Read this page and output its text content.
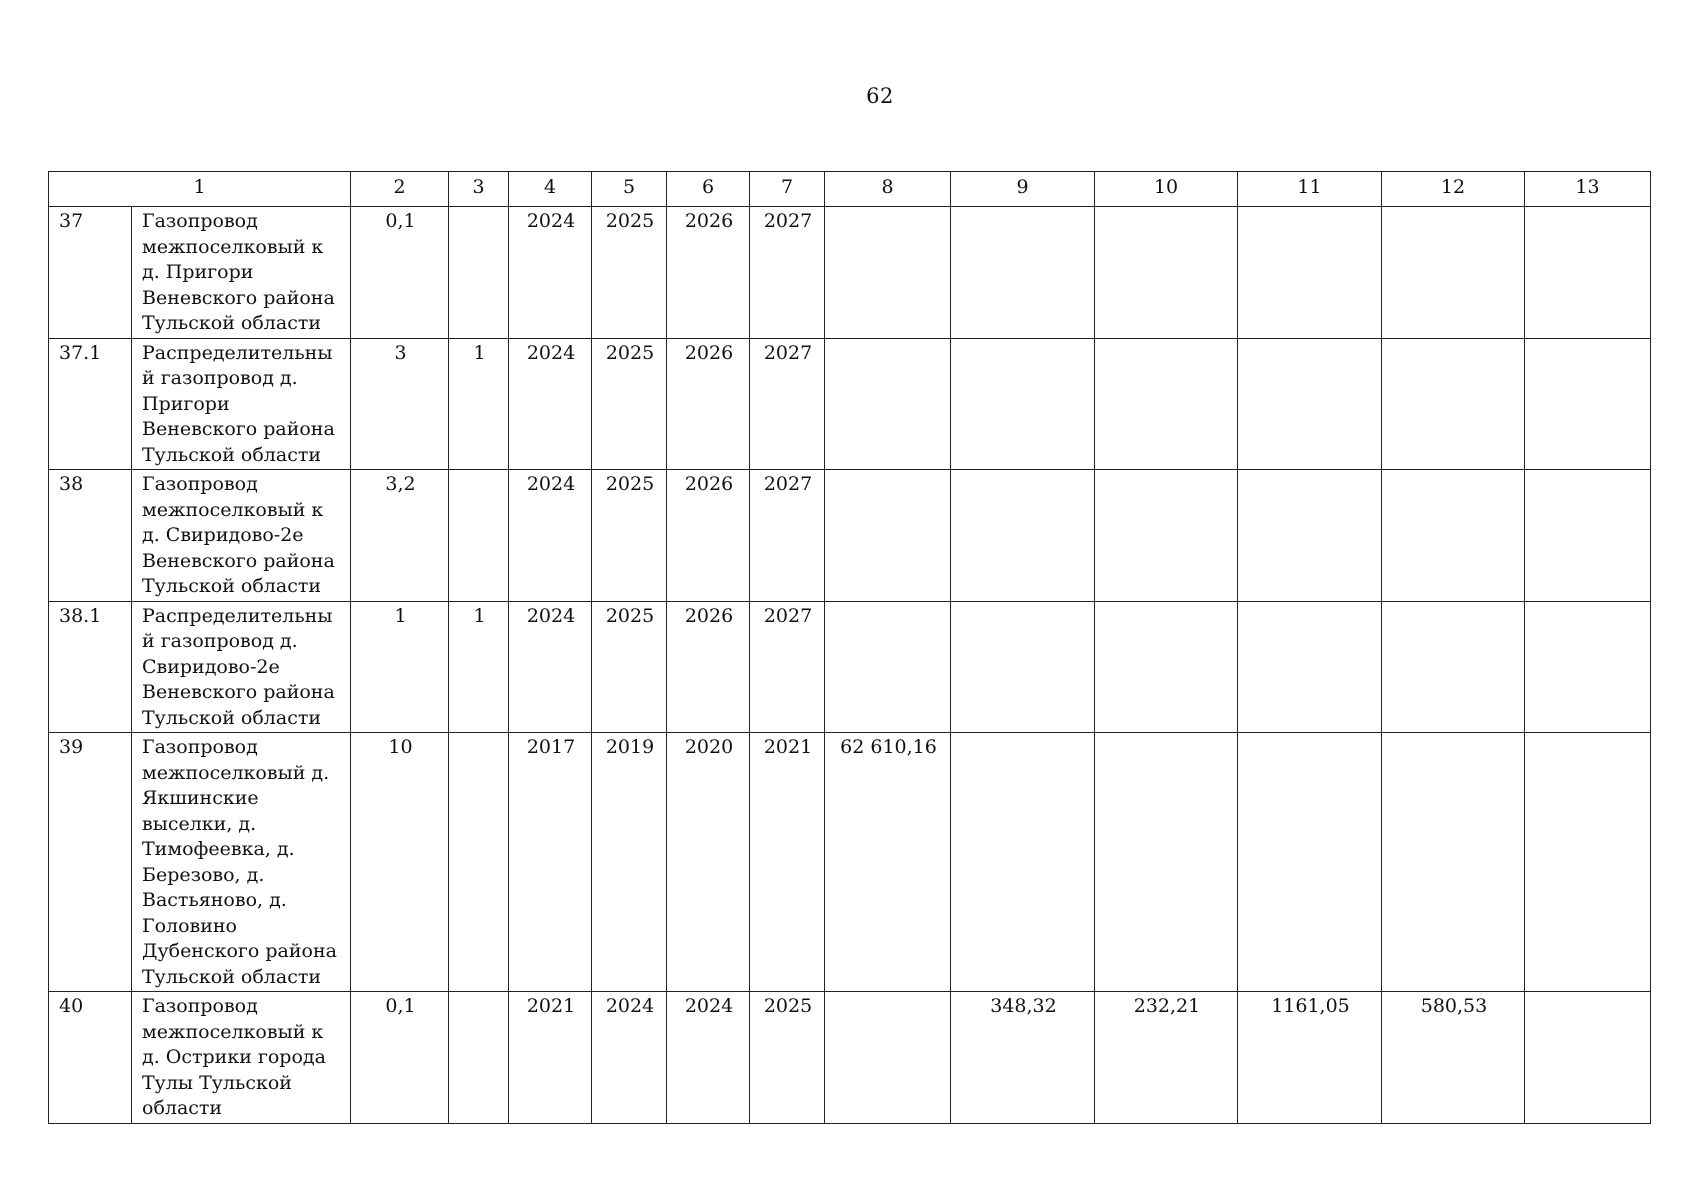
62
1		2	3	4	5	6	7	8	9	10	11	12	13
37	Газопровод межпоселковый к д. Пригори Веневского района Тульской области	0,1		2024	2025	2026	2027						
37.1	Распределительный газопровод д. Пригори Веневского района Тульской области	3	1	2024	2025	2026	2027						
38	Газопровод межпоселковый к д. Свиридово-2е Веневского района Тульской области	3,2		2024	2025	2026	2027						
38.1	Распределительный газопровод д. Свиридово-2е Веневского района Тульской области	1	1	2024	2025	2026	2027						
39	Газопровод межпоселковый д. Якшинские выселки, д. Тимофеевка, д. Березово, д. Вастьяново, д. Головино Дубенского района Тульской области	10		2017	2019	2020	2021	62 610,16					
40	Газопровод межпоселковый к д. Острики города Тулы Тульской области	0,1		2021	2024	2024	2025		348,32	232,21	1161,05	580,53	
